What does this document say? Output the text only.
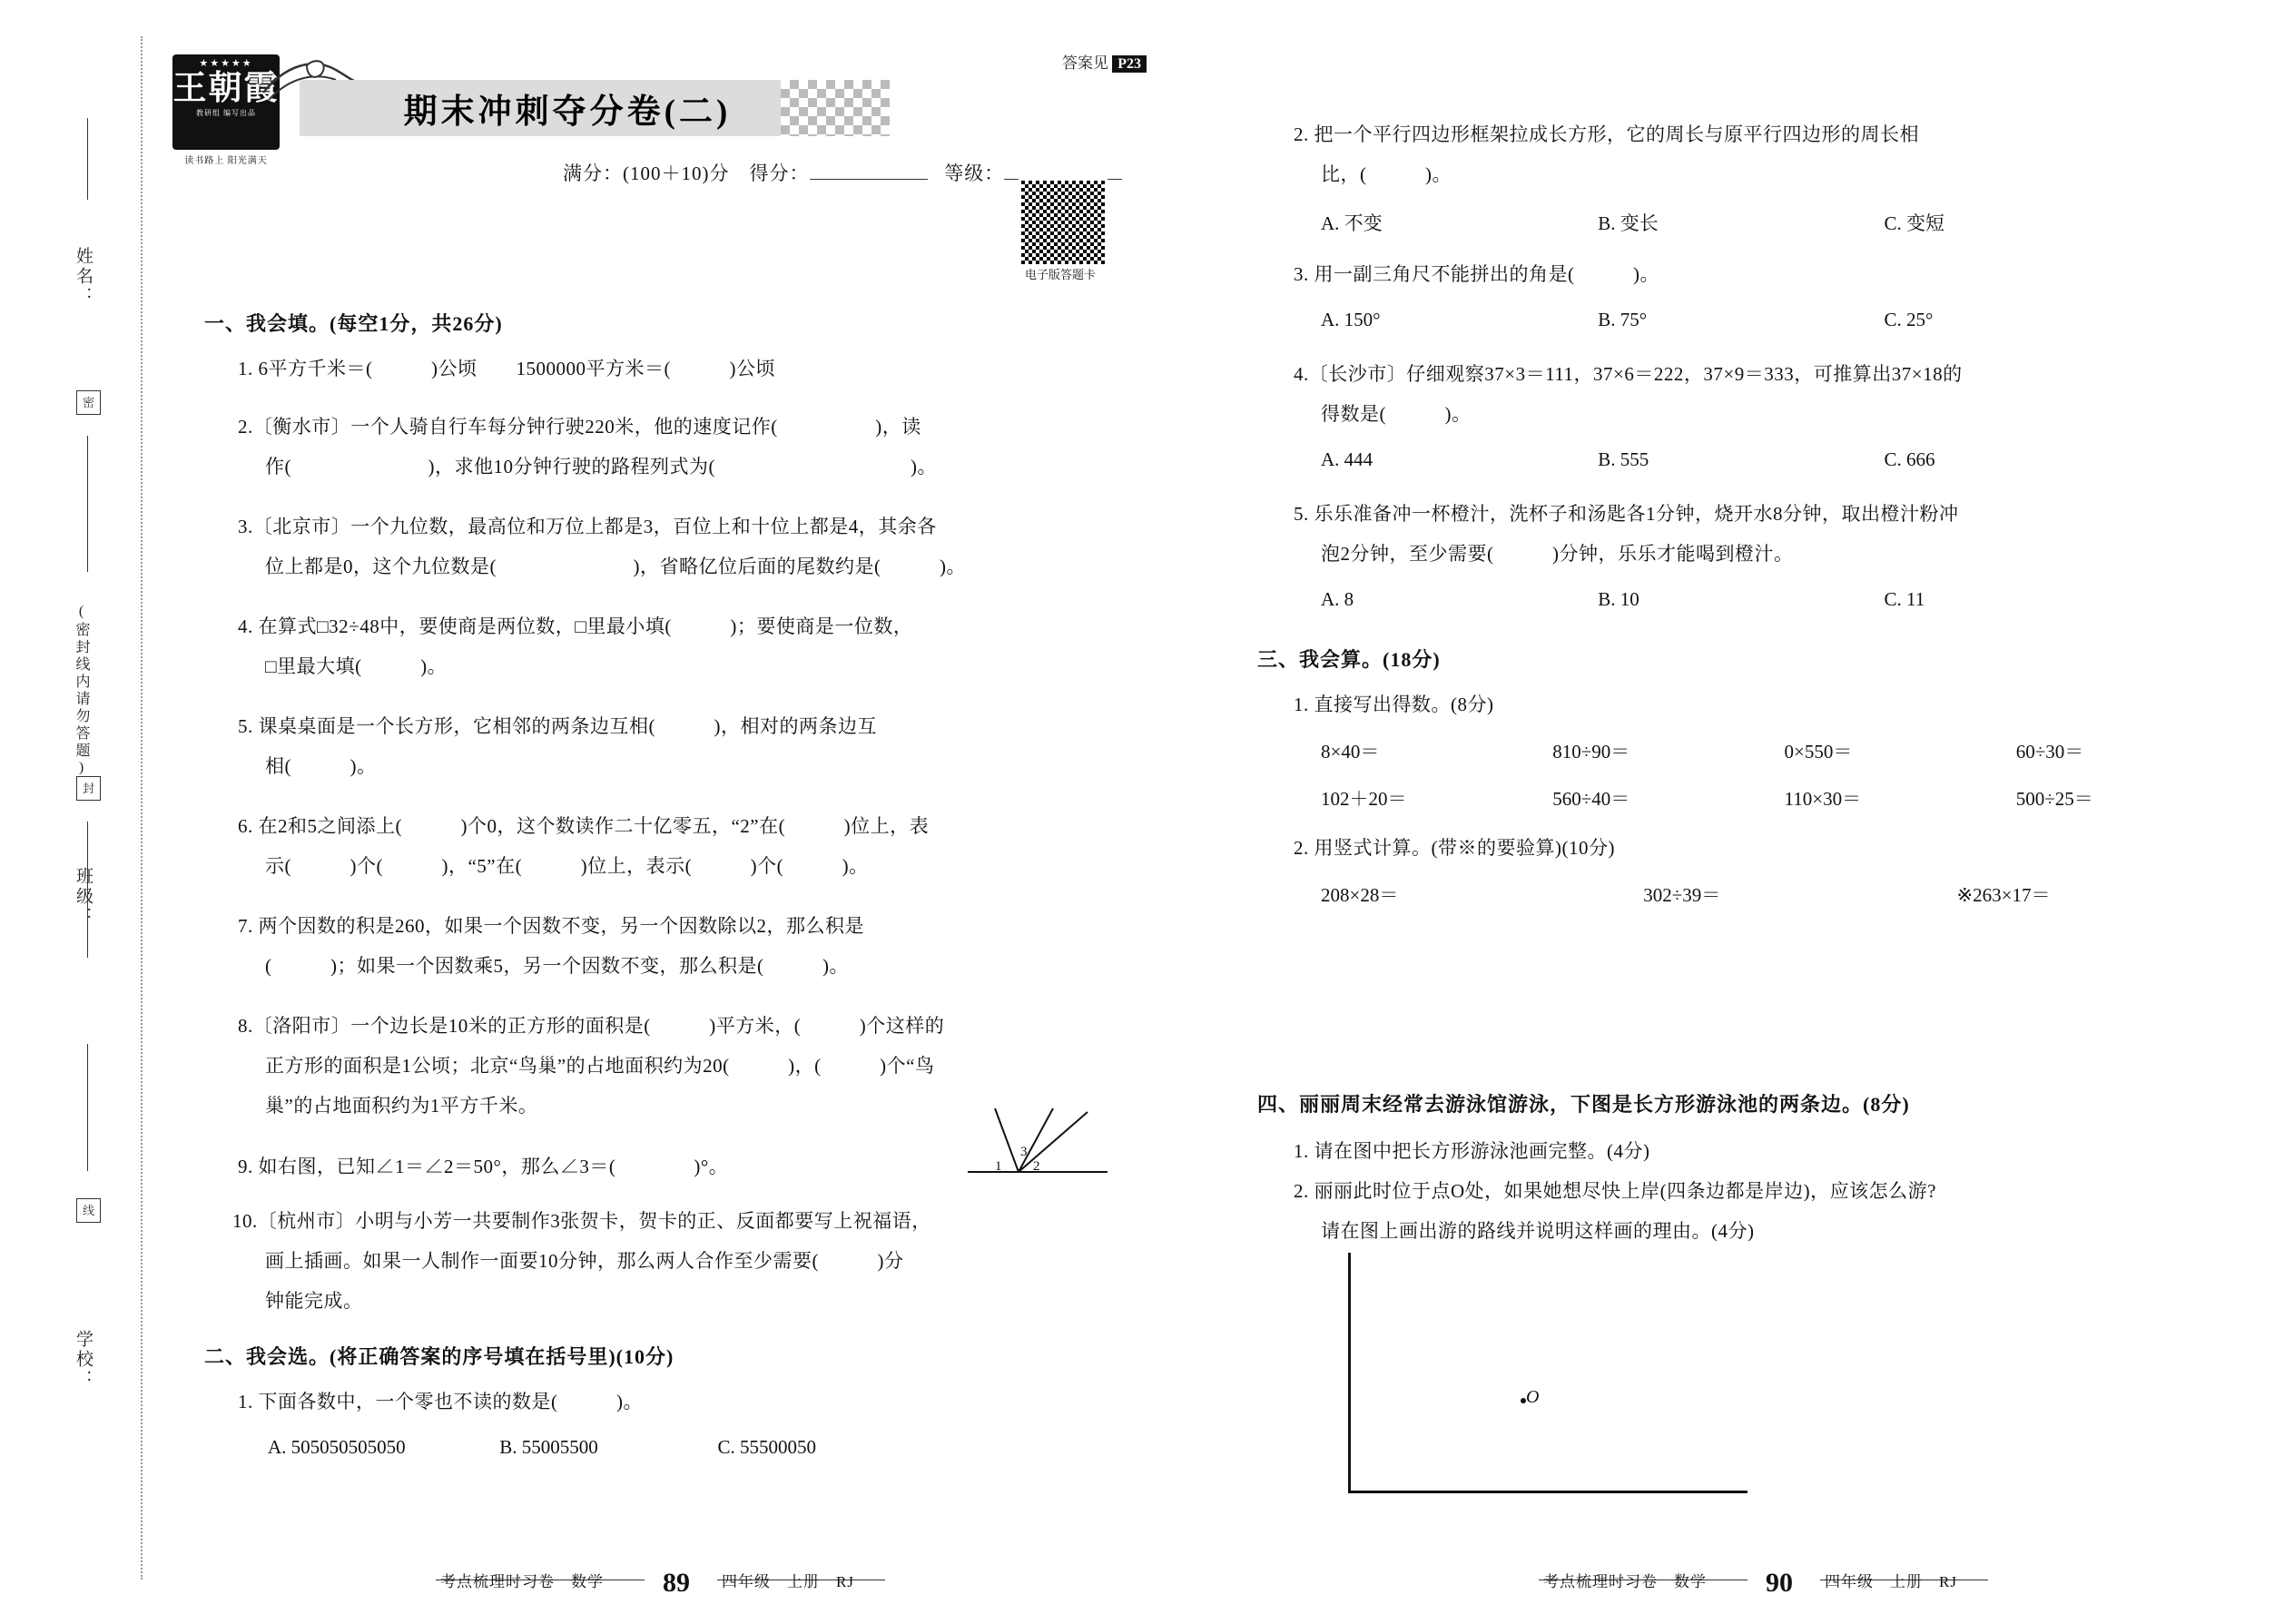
姓名：
(密封线内请勿答题)
班级：
学校：
密
封
线
★★★★★
王朝霞
教研组 编写出品
读书路上 阳光满天
期末冲刺夺分卷(二)
答案见 P23
满分：(100＋10)分　得分：	等级：
电子版答题卡
一、我会填。(每空1分，共26分)
1. 6平方千米＝(　　　)公顷　　1500000平方米＝(　　　)公顷
2.〔衡水市〕一个人骑自行车每分钟行驶220米，他的速度记作(　　　　　)，读
作(　　　　　　　)，求他10分钟行驶的路程列式为(　　　　　　　　　　)。
3.〔北京市〕一个九位数，最高位和万位上都是3，百位上和十位上都是4，其余各
位上都是0，这个九位数是(　　　　　　　)，省略亿位后面的尾数约是(　　　)。
4. 在算式□32÷48中，要使商是两位数，□里最小填(　　　)；要使商是一位数，
□里最大填(　　　)。
5. 课桌桌面是一个长方形，它相邻的两条边互相(　　　)，相对的两条边互
相(　　　)。
6. 在2和5之间添上(　　　)个0，这个数读作二十亿零五，“2”在(　　　)位上，表
示(　　　)个(　　　)，“5”在(　　　)位上，表示(　　　)个(　　　)。
7. 两个因数的积是260，如果一个因数不变，另一个因数除以2，那么积是
(　　　)；如果一个因数乘5，另一个因数不变，那么积是(　　　)。
8.〔洛阳市〕一个边长是10米的正方形的面积是(　　　)平方米，(　　　)个这样的
正方形的面积是1公顷；北京“鸟巢”的占地面积约为20(　　　)，(　　　)个“鸟
巢”的占地面积约为1平方千米。
9. 如右图，已知∠1＝∠2＝50°，那么∠3＝(　　　　)°。
10.〔杭州市〕小明与小芳一共要制作3张贺卡，贺卡的正、反面都要写上祝福语，
画上插画。如果一人制作一面要10分钟，那么两人合作至少需要(　　　)分
钟能完成。
3
1 2
二、我会选。(将正确答案的序号填在括号里)(10分)
1. 下面各数中，一个零也不读的数是(　　　)。
A. 505050505050	B. 55005500	C. 55500050
考点梳理时习卷　数学 89 四年级　上册　RJ
2. 把一个平行四边形框架拉成长方形，它的周长与原平行四边形的周长相
比，(　　　)。
A. 不变	B. 变长	C. 变短
3. 用一副三角尺不能拼出的角是(　　　)。
A. 150°	B. 75°	C. 25°
4.〔长沙市〕仔细观察37×3＝111，37×6＝222，37×9＝333，可推算出37×18的
得数是(　　　)。
A. 444	B. 555	C. 666
5. 乐乐准备冲一杯橙汁，洗杯子和汤匙各1分钟，烧开水8分钟，取出橙汁粉冲
泡2分钟，至少需要(　　　)分钟，乐乐才能喝到橙汁。
A. 8	B. 10	C. 11
三、我会算。(18分)
1. 直接写出得数。(8分)
8×40＝	810÷90＝	0×550＝	60÷30＝
102＋20＝	560÷40＝	110×30＝	500÷25＝
2. 用竖式计算。(带※的要验算)(10分)
208×28＝	302÷39＝	※263×17＝
四、丽丽周末经常去游泳馆游泳，下图是长方形游泳池的两条边。(8分)
1. 请在图中把长方形游泳池画完整。(4分)
2. 丽丽此时位于点O处，如果她想尽快上岸(四条边都是岸边)，应该怎么游?
请在图上画出游的路线并说明这样画的理由。(4分)
O
考点梳理时习卷　数学 90 四年级　上册　RJ
